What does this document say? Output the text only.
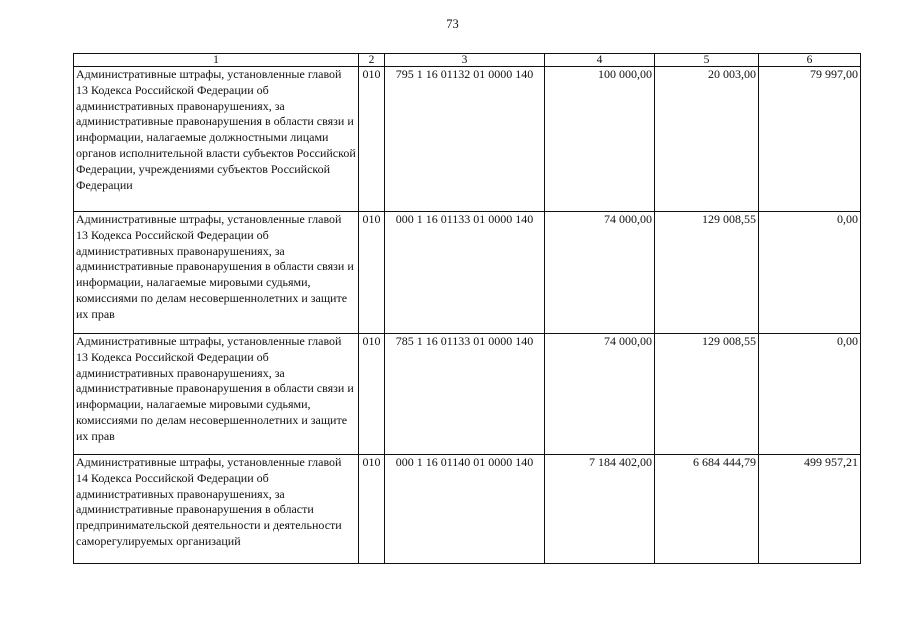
73
1	2	3	4	5	6
Административные штрафы, установленные главой 13 Кодекса Российской Федерации об административных правонарушениях, за административные правонарушения в области связи и информации, налагаемые должностными лицами органов исполнительной власти субъектов Российской Федерации, учреждениями субъектов Российской Федерации	010	795 1 16 01132 01 0000 140	100 000,00	20 003,00	79 997,00
Административные штрафы, установленные главой 13 Кодекса Российской Федерации об административных правонарушениях, за административные правонарушения в области связи и информации, налагаемые мировыми судьями, комиссиями по делам несовершеннолетних и защите их прав	010	000 1 16 01133 01 0000 140	74 000,00	129 008,55	0,00
Административные штрафы, установленные главой 13 Кодекса Российской Федерации об административных правонарушениях, за административные правонарушения в области связи и информации, налагаемые мировыми судьями, комиссиями по делам несовершеннолетних и защите их прав	010	785 1 16 01133 01 0000 140	74 000,00	129 008,55	0,00
Административные штрафы, установленные главой 14 Кодекса Российской Федерации об административных правонарушениях, за административные правонарушения в области предпринимательской деятельности и деятельности саморегулируемых организаций	010	000 1 16 01140 01 0000 140	7 184 402,00	6 684 444,79	499 957,21
